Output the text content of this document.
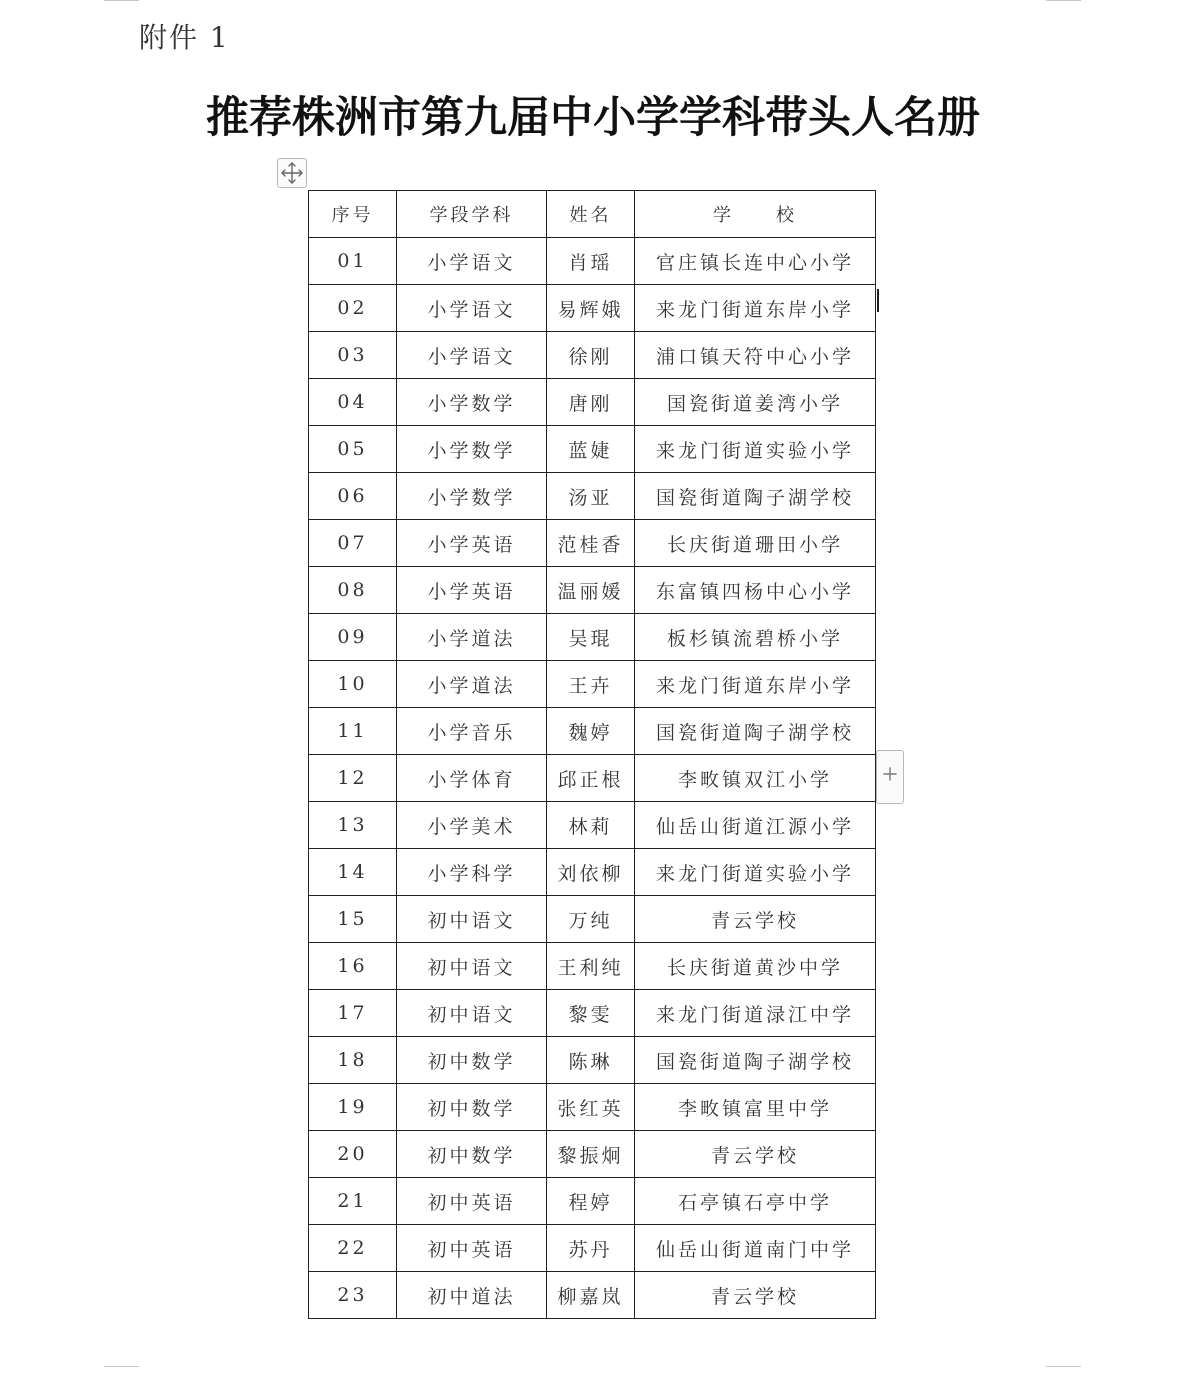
附件 1
推荐株洲市第九届中小学学科带头人名册
序号	学段学科	姓名	学　　校
01	小学语文	肖瑶	官庄镇长连中心小学
02	小学语文	易辉娥	来龙门街道东岸小学
03	小学语文	徐刚	浦口镇天符中心小学
04	小学数学	唐刚	国瓷街道姜湾小学
05	小学数学	蓝婕	来龙门街道实验小学
06	小学数学	汤亚	国瓷街道陶子湖学校
07	小学英语	范桂香	长庆街道珊田小学
08	小学英语	温丽媛	东富镇四杨中心小学
09	小学道法	吴琨	板杉镇流碧桥小学
10	小学道法	王卉	来龙门街道东岸小学
11	小学音乐	魏婷	国瓷街道陶子湖学校
12	小学体育	邱正根	李畋镇双江小学
13	小学美术	林莉	仙岳山街道江源小学
14	小学科学	刘依柳	来龙门街道实验小学
15	初中语文	万纯	青云学校
16	初中语文	王利纯	长庆街道黄沙中学
17	初中语文	黎雯	来龙门街道渌江中学
18	初中数学	陈琳	国瓷街道陶子湖学校
19	初中数学	张红英	李畋镇富里中学
20	初中数学	黎振炯	青云学校
21	初中英语	程婷	石亭镇石亭中学
22	初中英语	苏丹	仙岳山街道南门中学
23	初中道法	柳嘉岚	青云学校
